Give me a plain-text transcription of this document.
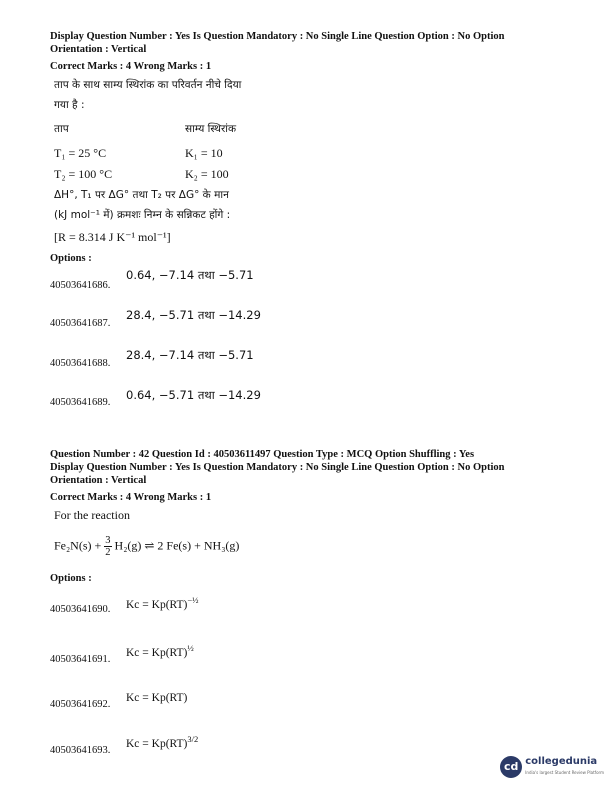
Display Question Number : Yes Is Question Mandatory : No Single Line Question Option : No Option
Orientation : Vertical
Correct Marks : 4 Wrong Marks : 1
ताप के साथ साम्य स्थिरांक का परिवर्तन नीचे दिया
गया है :
ताप	साम्य स्थिरांक
T₁ = 25 °C	K₁ = 10
T₂ = 100 °C	K₂ = 100
ΔH°, T₁ पर ΔG° तथा T₂ पर ΔG° के मान
(kJ mol⁻¹ में) क्रमशः निम्न के सन्निकट होंगे :
[R = 8.314 J K⁻¹ mol⁻¹]
Options :
40503641686.
0.64, −7.14 तथा −5.71
40503641687.
28.4, −5.71 तथा −14.29
40503641688.
28.4, −7.14 तथा −5.71
40503641689.
0.64, −5.71 तथा −14.29
Question Number : 42 Question Id : 40503611497 Question Type : MCQ Option Shuffling : Yes
Display Question Number : Yes Is Question Mandatory : No Single Line Question Option : No Option
Orientation : Vertical
Correct Marks : 4 Wrong Marks : 1
For the reaction
$Fe_2N(s) + \frac{3}{2} H_2(g)$ ⇌ 2 Fe(s) + NH₃(g)
Options :
40503641690. Kc = Kp(RT)$^{-\frac{1}{2}}$
40503641691.
Kc = Kp(RT)$^{\frac{1}{2}}$
40503641692.
Kc = Kp(RT)
40503641693.
Kc = Kp(RT)$^{3/2}$
cd collegedunia
India's largest Student Review Platform
